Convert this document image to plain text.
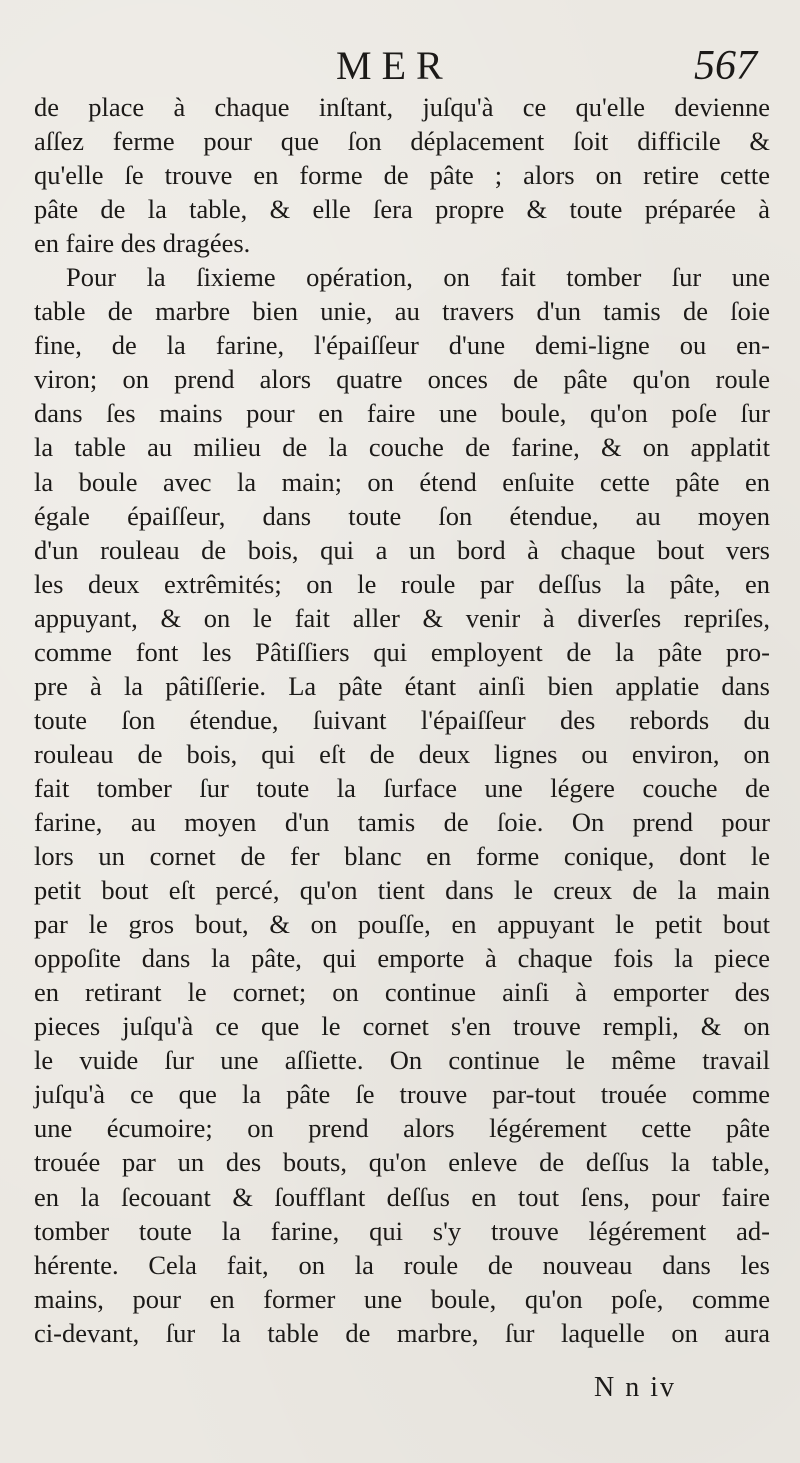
MER	567
de place à chaque inſtant, juſqu'à ce qu'elle devienne
aſſez ferme pour que ſon déplacement ſoit difficile &
qu'elle ſe trouve en forme de pâte ; alors on retire cette
pâte de la table, & elle ſera propre & toute préparée à
en faire des dragées.
Pour la ſixieme opération, on fait tomber ſur une
table de marbre bien unie, au travers d'un tamis de ſoie
fine, de la farine, l'épaiſſeur d'une demi-ligne ou en-
viron; on prend alors quatre onces de pâte qu'on roule
dans ſes mains pour en faire une boule, qu'on poſe ſur
la table au milieu de la couche de farine, & on applatit
la boule avec la main; on étend enſuite cette pâte en
égale épaiſſeur, dans toute ſon étendue, au moyen
d'un rouleau de bois, qui a un bord à chaque bout vers
les deux extrêmités; on le roule par deſſus la pâte, en
appuyant, & on le fait aller & venir à diverſes repriſes,
comme font les Pâtiſſiers qui employent de la pâte pro-
pre à la pâtiſſerie. La pâte étant ainſi bien applatie dans
toute ſon étendue, ſuivant l'épaiſſeur des rebords du
rouleau de bois, qui eſt de deux lignes ou environ, on
fait tomber ſur toute la ſurface une légere couche de
farine, au moyen d'un tamis de ſoie. On prend pour
lors un cornet de fer blanc en forme conique, dont le
petit bout eſt percé, qu'on tient dans le creux de la main
par le gros bout, & on pouſſe, en appuyant le petit bout
oppoſite dans la pâte, qui emporte à chaque fois la piece
en retirant le cornet; on continue ainſi à emporter des
pieces juſqu'à ce que le cornet s'en trouve rempli, & on
le vuide ſur une aſſiette. On continue le même travail
juſqu'à ce que la pâte ſe trouve par-tout trouée comme
une écumoire; on prend alors légérement cette pâte
trouée par un des bouts, qu'on enleve de deſſus la table,
en la ſecouant & ſoufflant deſſus en tout ſens, pour faire
tomber toute la farine, qui s'y trouve légérement ad-
hérente. Cela fait, on la roule de nouveau dans les
mains, pour en former une boule, qu'on poſe, comme
ci-devant, ſur la table de marbre, ſur laquelle on aura
N n iv
